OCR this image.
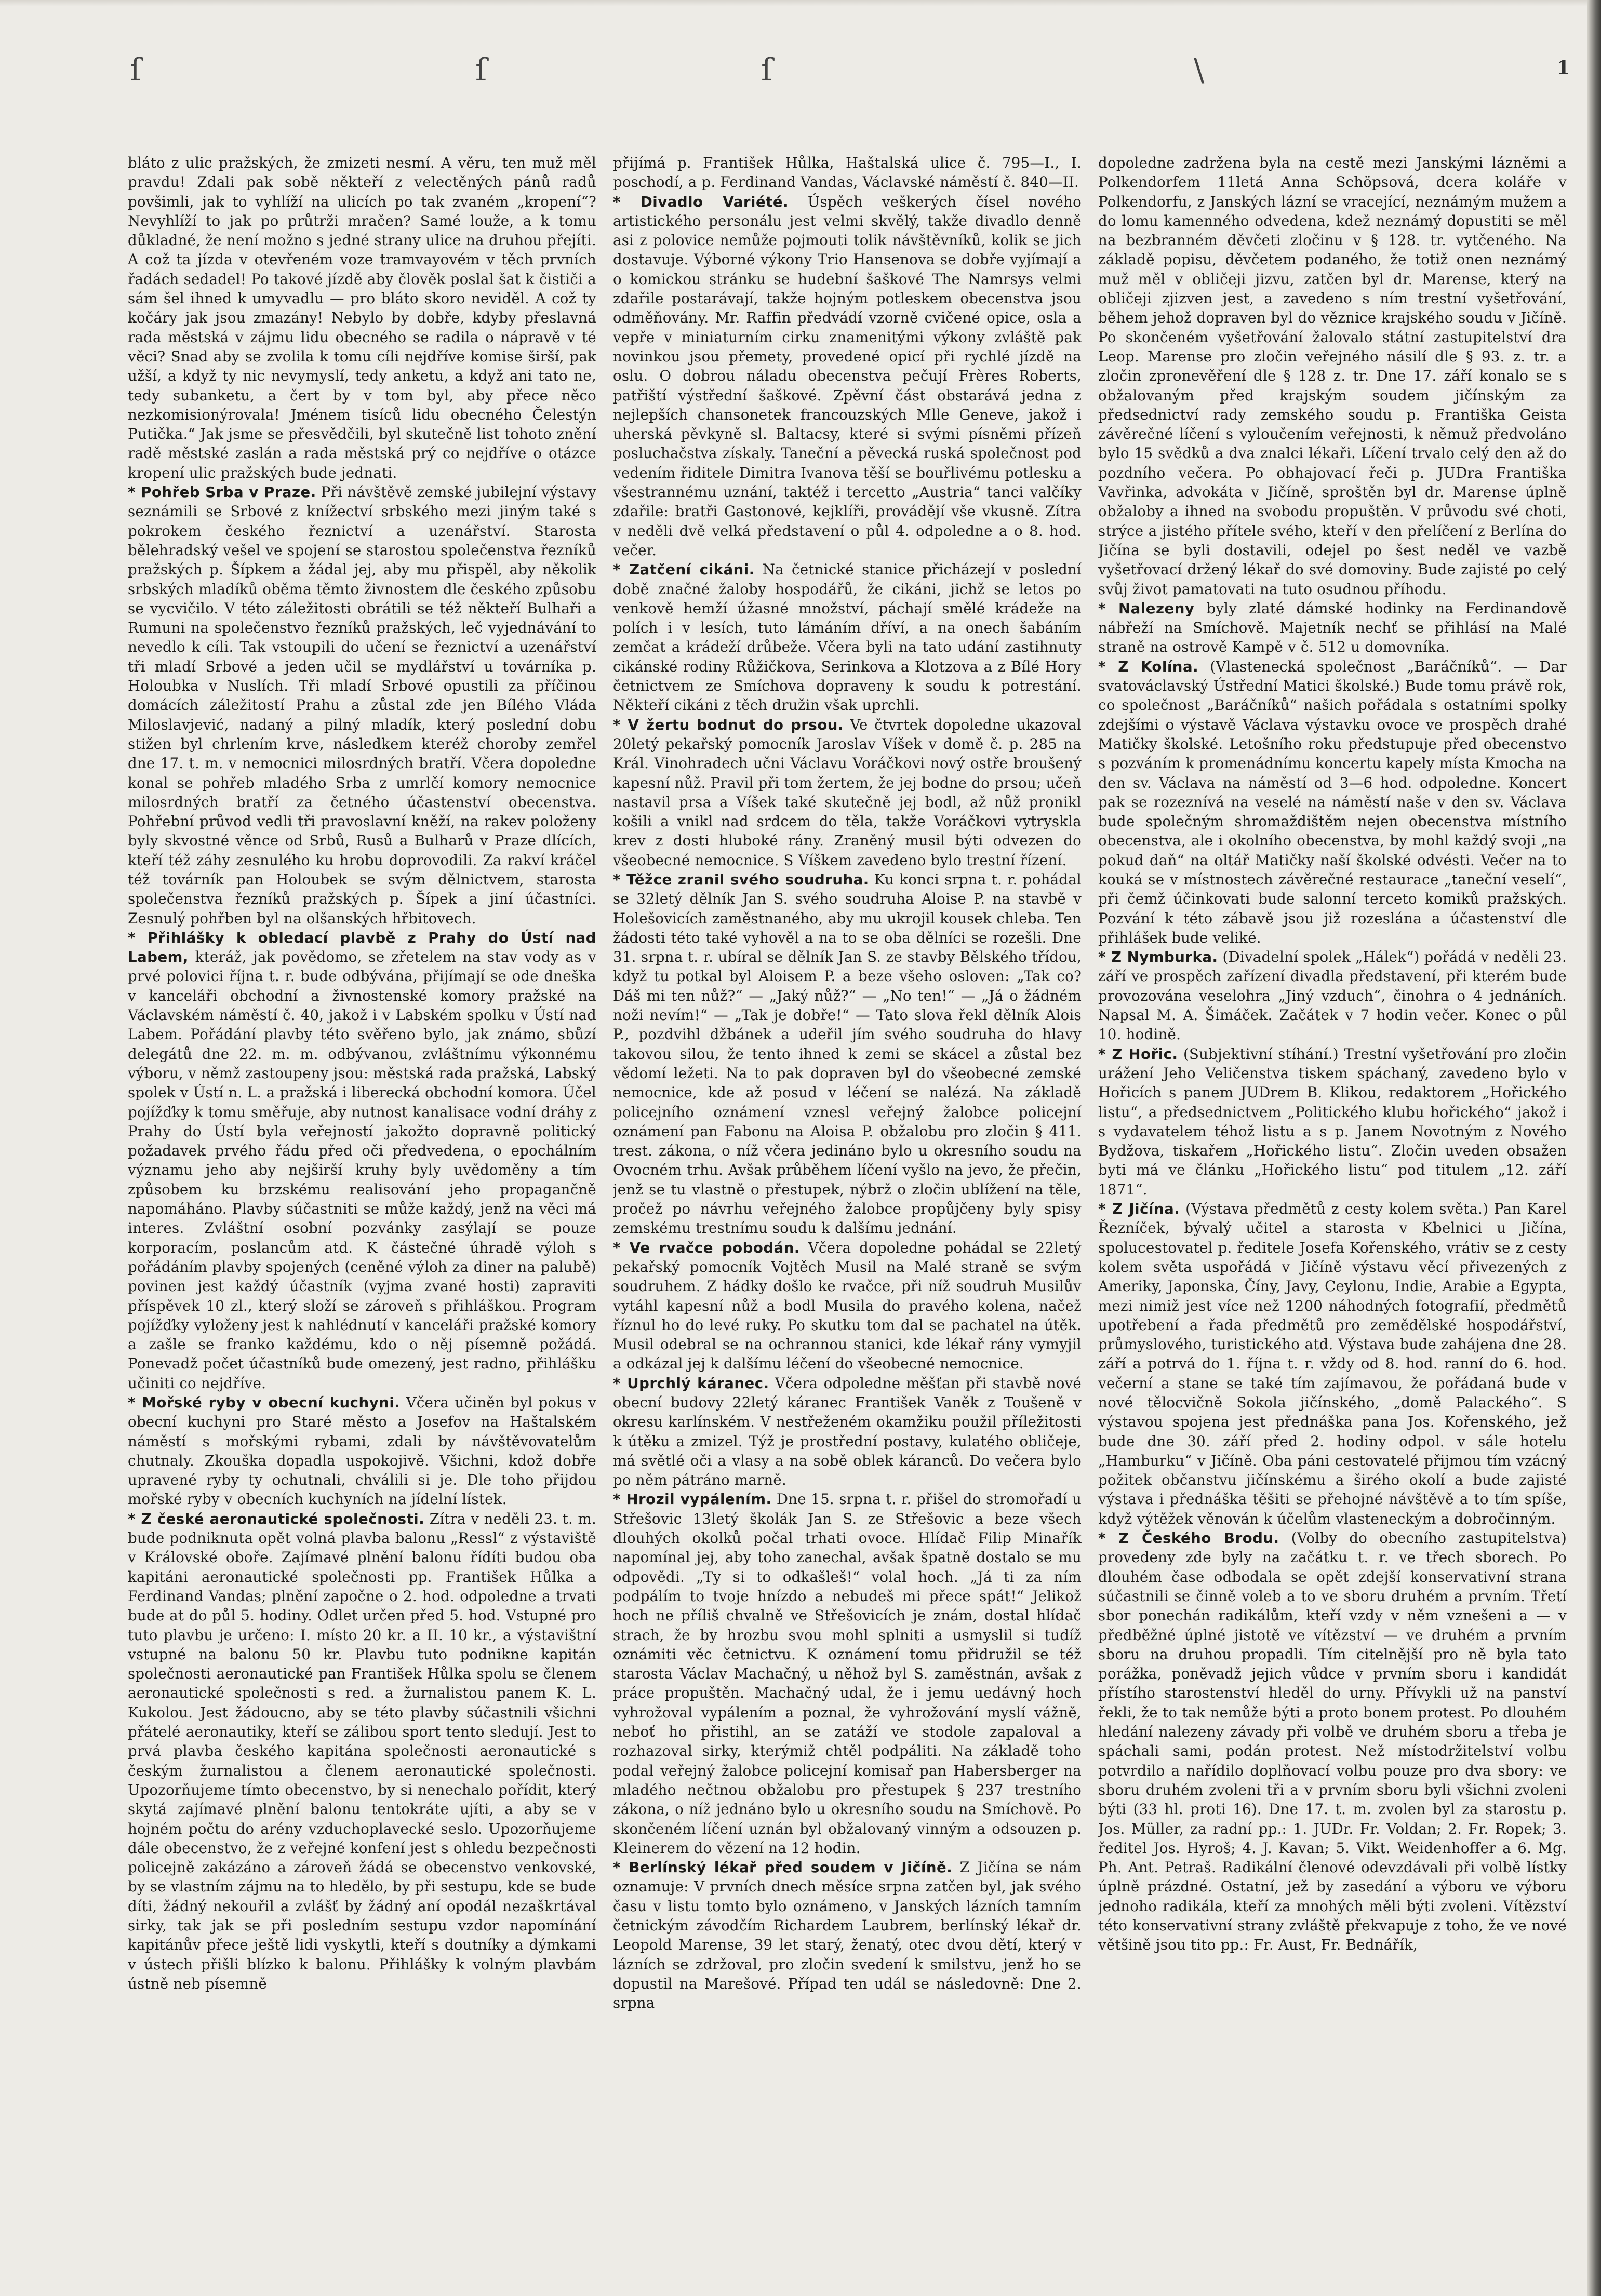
ſ	ſ	ſ	\	1

bláto z ulic pražských, že zmizeti nesmí. A věru, ten muž měl pravdu! Zdali pak sobě někteří z velectěných pánů radů povšimli, jak to vyhlíží na ulicích po tak zvaném „kropení“? Nevyhlíží to jak po průtrži mračen? Samé louže, a k tomu důkladné, že není možno s jedné strany ulice na druhou přejíti. A což ta jízda v otevřeném voze tramvayovém v těch prvních řadách sedadel! Po takové jízdě aby člověk poslal šat k čističi a sám šel ihned k umyvadlu — pro bláto skoro neviděl. A což ty kočáry jak jsou zmazány! Nebylo by dobře, kdyby přeslavná rada městská v zájmu lidu obecného se radila o nápravě v té věci? Snad aby se zvolila k tomu cíli nejdříve komise širší, pak užší, a když ty nic nevymyslí, tedy anketu, a když ani tato ne, tedy subanketu, a čert by v tom byl, aby přece něco nezkomisionýrovala! Jménem tisíců lidu obecného Čelestýn Putička.“ Jak jsme se přesvědčili, byl skutečně list tohoto znění radě městské zaslán a rada městská prý co nejdříve o otázce kropení ulic pražských bude jednati.

* Pohřeb Srba v Praze. Při návštěvě zemské jubilejní výstavy seznámili se Srbové z knížectví srbského mezi jiným také s pokrokem českého řeznictví a uzenářství. Starosta bělehradský vešel ve spojení se starostou společenstva řezníků pražských p. Šípkem a žádal jej, aby mu přispěl, aby několik srbských mladíků oběma těmto živnostem dle českého způsobu se vycvičilo. V této záležitosti obrátili se též někteří Bulhaři a Rumuni na společenstvo řezníků pražských, leč vyjednávání to nevedlo k cíli. Tak vstoupili do učení se řeznictví a uzenářství tři mladí Srbové a jeden učil se mydlářství u továrníka p. Holoubka v Nuslích. Tři mladí Srbové opustili za příčinou domácích záležitostí Prahu a zůstal zde jen Bílého Vláda Miloslavjević, nadaný a pilný mladík, který poslední dobu stižen byl chrlením krve, následkem kteréž choroby zemřel dne 17. t. m. v nemocnici milosrdných bratří. Včera dopoledne konal se pohřeb mladého Srba z umrlčí komory nemocnice milosrdných bratří za četného účastenství obecenstva. Pohřební průvod vedli tři pravoslavní kněží, na rakev položeny byly skvostné věnce od Srbů, Rusů a Bulharů v Praze dlících, kteří též záhy zesnulého ku hrobu doprovodili. Za rakví kráčel též továrník pan Holoubek se svým dělnictvem, starosta společenstva řezníků pražských p. Šípek a jiní účastníci. Zesnulý pohřben byl na olšanských hřbitovech.

* Přihlášky k obledací plavbě z Prahy do Ústí nad Labem, kteráž, jak povědomo, se zřetelem na stav vody as v prvé polovici října t. r. bude odbývána, přijímají se ode dneška v kanceláři obchodní a živnostenské komory pražské na Václavském náměstí č. 40, jakož i v Labském spolku v Ústí nad Labem. Pořádání plavby této svěřeno bylo, jak známo, sbůzí delegátů dne 22. m. m. odbývanou, zvláštnímu výkonnému výboru, v němž zastoupeny jsou: městská rada pražská, Labský spolek v Ústí n. L. a pražská i liberecká obchodní komora. Účel pojížďky k tomu směřuje, aby nutnost kanalisace vodní dráhy z Prahy do Ústí byla veřejností jakožto dopravně politický požadavek prvého řádu před oči předvedena, o epochálním významu jeho aby nejširší kruhy byly uvědoměny a tím způsobem ku brzskému realisování jeho propagančně napomáháno. Plavby súčastniti se může každý, jenž na věci má interes. Zvláštní osobní pozvánky zasýlají se pouze korporacím, poslancům atd. K částečné úhradě výloh s pořádáním plavby spojených (ceněné výloh za diner na palubě) povinen jest každý účastník (vyjma zvané hosti) zapraviti příspěvek 10 zl., který složí se zároveň s přihláškou. Program pojížďky vyloženy jest k nahlédnutí v kanceláři pražské komory a zašle se franko každému, kdo o něj písemně požádá. Ponevadž počet účastníků bude omezený, jest radno, přihlášku učiniti co nejdříve.

* Mořské ryby v obecní kuchyni. Včera učiněn byl pokus v obecní kuchyni pro Staré město a Josefov na Haštalském náměstí s mořskými rybami, zdali by návštěvovatelům chutnaly. Zkouška dopadla uspokojivě. Všichni, kdož dobře upravené ryby ty ochutnali, chválili si je. Dle toho přijdou mořské ryby v obecních kuchyních na jídelní lístek.

* Z české aeronautické společnosti. Zítra v neděli 23. t. m. bude podniknuta opět volná plavba balonu „Ressl“ z výstaviště v Královské oboře. Zajímavé plnění balonu řídíti budou oba kapitáni aeronautické společnosti pp. František Hůlka a Ferdinand Vandas; plnění započne o 2. hod. odpoledne a trvati bude at do půl 5. hodiny. Odlet určen před 5. hod. Vstupné pro tuto plavbu je určeno: I. místo 20 kr. a II. 10 kr., a výstavištní vstupné na balonu 50 kr. Plavbu tuto podnikne kapitán společnosti aeronautické pan František Hůlka spolu se členem aeronautické společnosti s red. a žurnalistou panem K. L. Kukolou. Jest žádoucno, aby se této plavby súčastnili všichni přátelé aeronautiky, kteří se zálibou sport tento sledují. Jest to prvá plavba českého kapitána společnosti aeronautické s českým žurnalistou a členem aeronautické společnosti. Upozorňujeme tímto obecenstvo, by si nenechalo pořídit, který skytá zajímavé plnění balonu tentokráte ujíti, a aby se v hojném počtu do arény vzduchoplavecké seslo. Upozorňujeme dále obecenstvo, že z veřejné konfení jest s ohledu bezpečnosti policejně zakázáno a zároveň žádá se obecenstvo venkovské, by se vlastním zájmu na to hledělo, by při sestupu, kde se bude díti, žádný nekouřil a zvlášť by žádný aní opodál nezaškrtával sirky, tak jak se při posledním sestupu vzdor napomínání kapitánův přece ještě lidi vyskytli, kteří s doutníky a dýmkami v ústech přišli blízko k balonu. Přihlášky k volným plavbám ústně neb písemně

přijímá p. František Hůlka, Haštalská ulice č. 795—I., I. poschodí, a p. Ferdinand Vandas, Václavské náměstí č. 840—II.

* Divadlo Variété. Úspěch veškerých čísel nového artistického personálu jest velmi skvělý, takže divadlo denně asi z polovice nemůže pojmouti tolik návštěvníků, kolik se jich dostavuje. Výborné výkony Trio Hansenova se dobře vyjímají a o komickou stránku se hudební šaškové The Namrsys velmi zdařile postarávají, takže hojným potleskem obecenstva jsou odměňovány. Mr. Raffin předvádí vzorně cvičené opice, osla a vepře v miniaturním cirku znamenitými výkony zvláště pak novinkou jsou přemety, provedené opicí při rychlé jízdě na oslu. O dobrou náladu obecenstva pečují Frères Roberts, patřiští výstřední šaškové. Zpěvní část obstarává jedna z nejlepších chansonetek francouzských Mlle Geneve, jakož i uherská pěvkyně sl. Baltacsy, které si svými písněmi přízeň posluchačstva získaly. Taneční a pěvecká ruská společnost pod vedením řiditele Dimitra Ivanova těší se bouřlivému potlesku a všestrannému uznání, taktéž i tercetto „Austria“ tanci valčíky zdařile: bratři Gastonové, kejklíři, provádějí vše vkusně. Zítra v neděli dvě velká představení o půl 4. odpoledne a o 8. hod. večer.

* Zatčení cikáni. Na četnické stanice přicházejí v poslední době značné žaloby hospodářů, že cikáni, jichž se letos po venkově hemží úžasné množství, páchají smělé krádeže na polích i v lesích, tuto lámáním dříví, a na onech šabáním zemčat a krádeží drůbeže. Včera byli na tato udání zastihnuty cikánské rodiny Růžičkova, Serinkova a Klotzova a z Bílé Hory četnictvem ze Smíchova dopraveny k soudu k potrestání. Někteří cikáni z těch družin však uprchli.

* V žertu bodnut do prsou. Ve čtvrtek dopoledne ukazoval 20letý pekařský pomocník Jaroslav Víšek v domě č. p. 285 na Král. Vinohradech učni Václavu Voráčkovi nový ostře broušený kapesní nůž. Pravil při tom žertem, že jej bodne do prsou; učeň nastavil prsa a Víšek také skutečně jej bodl, až nůž pronikl košili a vnikl nad srdcem do těla, takže Voráčkovi vytryskla krev z dosti hluboké rány. Zraněný musil býti odvezen do všeobecné nemocnice. S Víškem zavedeno bylo trestní řízení.

* Těžce zranil svého soudruha. Ku konci srpna t. r. pohádal se 32letý dělník Jan S. svého soudruha Aloise P. na stavbě v Holešovicích zaměstnaného, aby mu ukrojil kousek chleba. Ten žádosti této také vyhověl a na to se oba dělníci se rozešli. Dne 31. srpna t. r. ubíral se dělník Jan S. ze stavby Bělského třídou, když tu potkal byl Aloisem P. a beze všeho osloven: „Tak co? Dáš mi ten nůž?“ — „Jaký nůž?“ — „No ten!“ — „Já o žádném noži nevím!“ — „Tak je dobře!“ — Tato slova řekl dělník Alois P., pozdvihl džbánek a udeřil jím svého soudruha do hlavy takovou silou, že tento ihned k zemi se skácel a zůstal bez vědomí ležeti. Na to pak dopraven byl do všeobecné zemské nemocnice, kde až posud v léčení se nalézá. Na základě policejního oznámení vznesl veřejný žalobce policejní oznámení pan Fabonu na Aloisa P. obžalobu pro zločin § 411. trest. zákona, o níž včera jedináno bylo u okresního soudu na Ovocném trhu. Avšak průběhem líčení vyšlo na jevo, že přečin, jenž se tu vlastně o přestupek, nýbrž o zločin ublížení na těle, pročež po návrhu veřejného žalobce propůjčeny byly spisy zemskému trestnímu soudu k dalšímu jednání.

* Ve rvačce pobodán. Včera dopoledne pohádal se 22letý pekařský pomocník Vojtěch Musil na Malé straně se svým soudruhem. Z hádky došlo ke rvačce, při níž soudruh Musilův vytáhl kapesní nůž a bodl Musila do pravého kolena, načež říznul ho do levé ruky. Po skutku tom dal se pachatel na útěk. Musil odebral se na ochrannou stanici, kde lékař rány vymyjil a odkázal jej k dalšímu léčení do všeobecné nemocnice.

* Uprchlý káranec. Včera odpoledne měšťan při stavbě nové obecní budovy 22letý káranec František Vaněk z Toušeně v okresu karlínském. V nestřeženém okamžiku použil příležitosti k útěku a zmizel. Týž je prostřední postavy, kulatého obličeje, má světlé oči a vlasy a na sobě oblek káranců. Do večera bylo po něm pátráno marně.

* Hrozil vypálením. Dne 15. srpna t. r. přišel do stromořadí u Střešovic 13letý školák Jan S. ze Střešovic a beze všech dlouhých okolků počal trhati ovoce. Hlídač Filip Minařík napomínal jej, aby toho zanechal, avšak špatně dostalo se mu odpovědi. „Ty si to odkašleš!“ volal hoch. „Já ti za ním podpálím to tvoje hnízdo a nebudeš mi přece spát!“ Jelikož hoch ne příliš chvalně ve Střešovicích je znám, dostal hlídač strach, že by hrozbu svou mohl splniti a usmyslil si tudíž oznámiti věc četnictvu. K oznámení tomu přidružil se též starosta Václav Machačný, u něhož byl S. zaměstnán, avšak z práce propuštěn. Machačný udal, že i jemu uedávný hoch vyhrožoval vypálením a poznal, že vyhrožování myslí vážně, neboť ho přistihl, an se zatáží ve stodole zapaloval a rozhazoval sirky, kterýmiž chtěl podpáliti. Na základě toho podal veřejný žalobce policejní komisař pan Habersberger na mladého nečtnou obžalobu pro přestupek § 237 trestního zákona, o níž jednáno bylo u okresního soudu na Smíchově. Po skončeném líčení uznán byl obžalovaný vinným a odsouzen p. Kleinerem do vězení na 12 hodin.

* Berlínský lékař před soudem v Jičíně. Z Jičína se nám oznamuje: V prvních dnech měsíce srpna zatčen byl, jak svého času v listu tomto bylo oznámeno, v Janských lázních tamním četnickým závodčím Richardem Laubrem, berlínský lékař dr. Leopold Marense, 39 let starý, ženatý, otec dvou dětí, který v lázních se zdržoval, pro zločin svedení k smilstvu, jenž ho se dopustil na Marešové. Případ ten udál se následovně: Dne 2. srpna

dopoledne zadržena byla na cestě mezi Janskými lázněmi a Polkendorfem 11letá Anna Schöpsová, dcera koláře v Polkendorfu, z Janských lázní se vracející, neznámým mužem a do lomu kamenného odvedena, kdež neznámý dopustiti se měl na bezbranném děvčeti zločinu v § 128. tr. vytčeného. Na základě popisu, děvčetem podaného, že totiž onen neznámý muž měl v obličeji jizvu, zatčen byl dr. Marense, který na obličeji zjizven jest, a zavedeno s ním trestní vyšetřování, během jehož dopraven byl do věznice krajského soudu v Jičíně. Po skončeném vyšetřování žalovalo státní zastupitelství dra Leop. Marense pro zločin veřejného násilí dle § 93. z. tr. a zločin zpronevěření dle § 128 z. tr. Dne 17. září konalo se s obžalovaným před krajským soudem jičínským za předsednictví rady zemského soudu p. Františka Geista závěrečné líčení s vyloučením veřejnosti, k němuž předvoláno bylo 15 svědků a dva znalci lékaři. Líčení trvalo celý den až do pozdního večera. Po obhajovací řeči p. JUDra Františka Vavřinka, advokáta v Jičíně, sproštěn byl dr. Marense úplně obžaloby a ihned na svobodu propuštěn. V průvodu své choti, strýce a jistého přítele svého, kteří v den přelíčení z Berlína do Jičína se byli dostavili, odejel po šest neděl ve vazbě vyšetřovací držený lékař do své domoviny. Bude zajisté po celý svůj život pamatovati na tuto osudnou příhodu.

* Nalezeny byly zlaté dámské hodinky na Ferdinandově nábřeží na Smíchově. Majetník nechť se přihlásí na Malé straně na ostrově Kampě v č. 512 u domovníka.

* Z Kolína. (Vlastenecká společnost „Baráčníků“. — Dar svatováclavský Ústřední Matici školské.) Bude tomu právě rok, co společnost „Baráčníků“ našich pořádala s ostatními spolky zdejšími o výstavě Václava výstavku ovoce ve prospěch drahé Matičky školské. Letošního roku předstupuje před obecenstvo s pozváním k promenádnímu koncertu kapely místa Kmocha na den sv. Václava na náměstí od 3—6 hod. odpoledne. Koncert pak se rozeznívá na veselé na náměstí naše v den sv. Václava bude společným shromaždištěm nejen obecenstva místního obecenstva, ale i okolního obecenstva, by mohl každý svoji „na pokud daň“ na oltář Matičky naší školské odvésti. Večer na to kouká se v místnostech závěrečné restaurace „taneční veselí“, při čemž účinkovati bude salonní terceto komiků pražských. Pozvání k této zábavě jsou již rozeslána a účastenství dle přihlášek bude veliké.

* Z Nymburka. (Divadelní spolek „Hálek“) pořádá v neděli 23. září ve prospěch zařízení divadla představení, při kterém bude provozována veselohra „Jiný vzduch“, činohra o 4 jednáních. Napsal M. A. Šimáček. Začátek v 7 hodin večer. Konec o půl 10. hodině.

* Z Hořic. (Subjektivní stíhání.) Trestní vyšetřování pro zločin urážení Jeho Veličenstva tiskem spáchaný, zavedeno bylo v Hořicích s panem JUDrem B. Klikou, redaktorem „Hořického listu“, a předsednictvem „Politického klubu hořického“ jakož i s vydavatelem téhož listu a s p. Janem Novotným z Nového Bydžova, tiskařem „Hořického listu“. Zločin uveden obsažen byti má ve článku „Hořického listu“ pod titulem „12. září 1871“.

* Z Jičína. (Výstava předmětů z cesty kolem světa.) Pan Karel Řezníček, bývalý učitel a starosta v Kbelnici u Jičína, spolucestovatel p. ředitele Josefa Kořenského, vrátiv se z cesty kolem světa uspořádá v Jičíně výstavu věcí přivezených z Ameriky, Japonska, Číny, Javy, Ceylonu, Indie, Arabie a Egypta, mezi nimiž jest více než 1200 náhodných fotografií, předmětů upotřebení a řada předmětů pro zemědělské hospodářství, průmyslového, turistického atd. Výstava bude zahájena dne 28. září a potrvá do 1. října t. r. vždy od 8. hod. ranní do 6. hod. večerní a stane se také tím zajímavou, že pořádaná bude v nové tělocvičně Sokola jičínského, „domě Palackého“. S výstavou spojena jest přednáška pana Jos. Kořenského, jež bude dne 30. září před 2. hodiny odpol. v sále hotelu „Hamburku“ v Jičíně. Oba páni cestovatelé přijmou tím vzácný požitek občanstvu jičínskému a širého okolí a bude zajisté výstava i přednáška těšiti se přehojné návštěvě a to tím spíše, když výtěžek věnován k účelům vlasteneckým a dobročinným.

* Z Českého Brodu. (Volby do obecního zastupitelstva) provedeny zde byly na začátku t. r. ve třech sborech. Po dlouhém čase odbodala se opět zdejší konservativní strana súčastnili se činně voleb a to ve sboru druhém a prvním. Třetí sbor ponechán radikálům, kteří vzdy v něm vznešeni a — v předběžné úplné jistotě ve vítězství — ve druhém a prvním sboru na druhou propadli. Tím citelnější pro ně byla tato porážka, poněvadž jejich vůdce v prvním sboru i kandidát přístího starostenství hleděl do urny. Přívykli už na panství řekli, že to tak nemůže býti a proto bonem protest. Po dlouhém hledání nalezeny závady při volbě ve druhém sboru a třeba je spáchali sami, podán protest. Než místodržitelství volbu potvrdilo a nařídilo doplňovací volbu pouze pro dva sbory: ve sboru druhém zvoleni tři a v prvním sboru byli všichni zvoleni býti (33 hl. proti 16). Dne 17. t. m. zvolen byl za starostu p. Jos. Müller, za radní pp.: 1. JUDr. Fr. Voldan; 2. Fr. Ropek; 3. ředitel Jos. Hyroš; 4. J. Kavan; 5. Vikt. Weidenhoffer a 6. Mg. Ph. Ant. Petraš. Radikální členové odevzdávali při volbě lístky úplně prázdné. Ostatní, jež by zasedání a výboru ve výboru jednoho radikála, kteří za mnohých měli býti zvoleni. Vítězství této konservativní strany zvláště překvapuje z toho, že ve nové většině jsou tito pp.: Fr. Aust, Fr. Bednářík,
